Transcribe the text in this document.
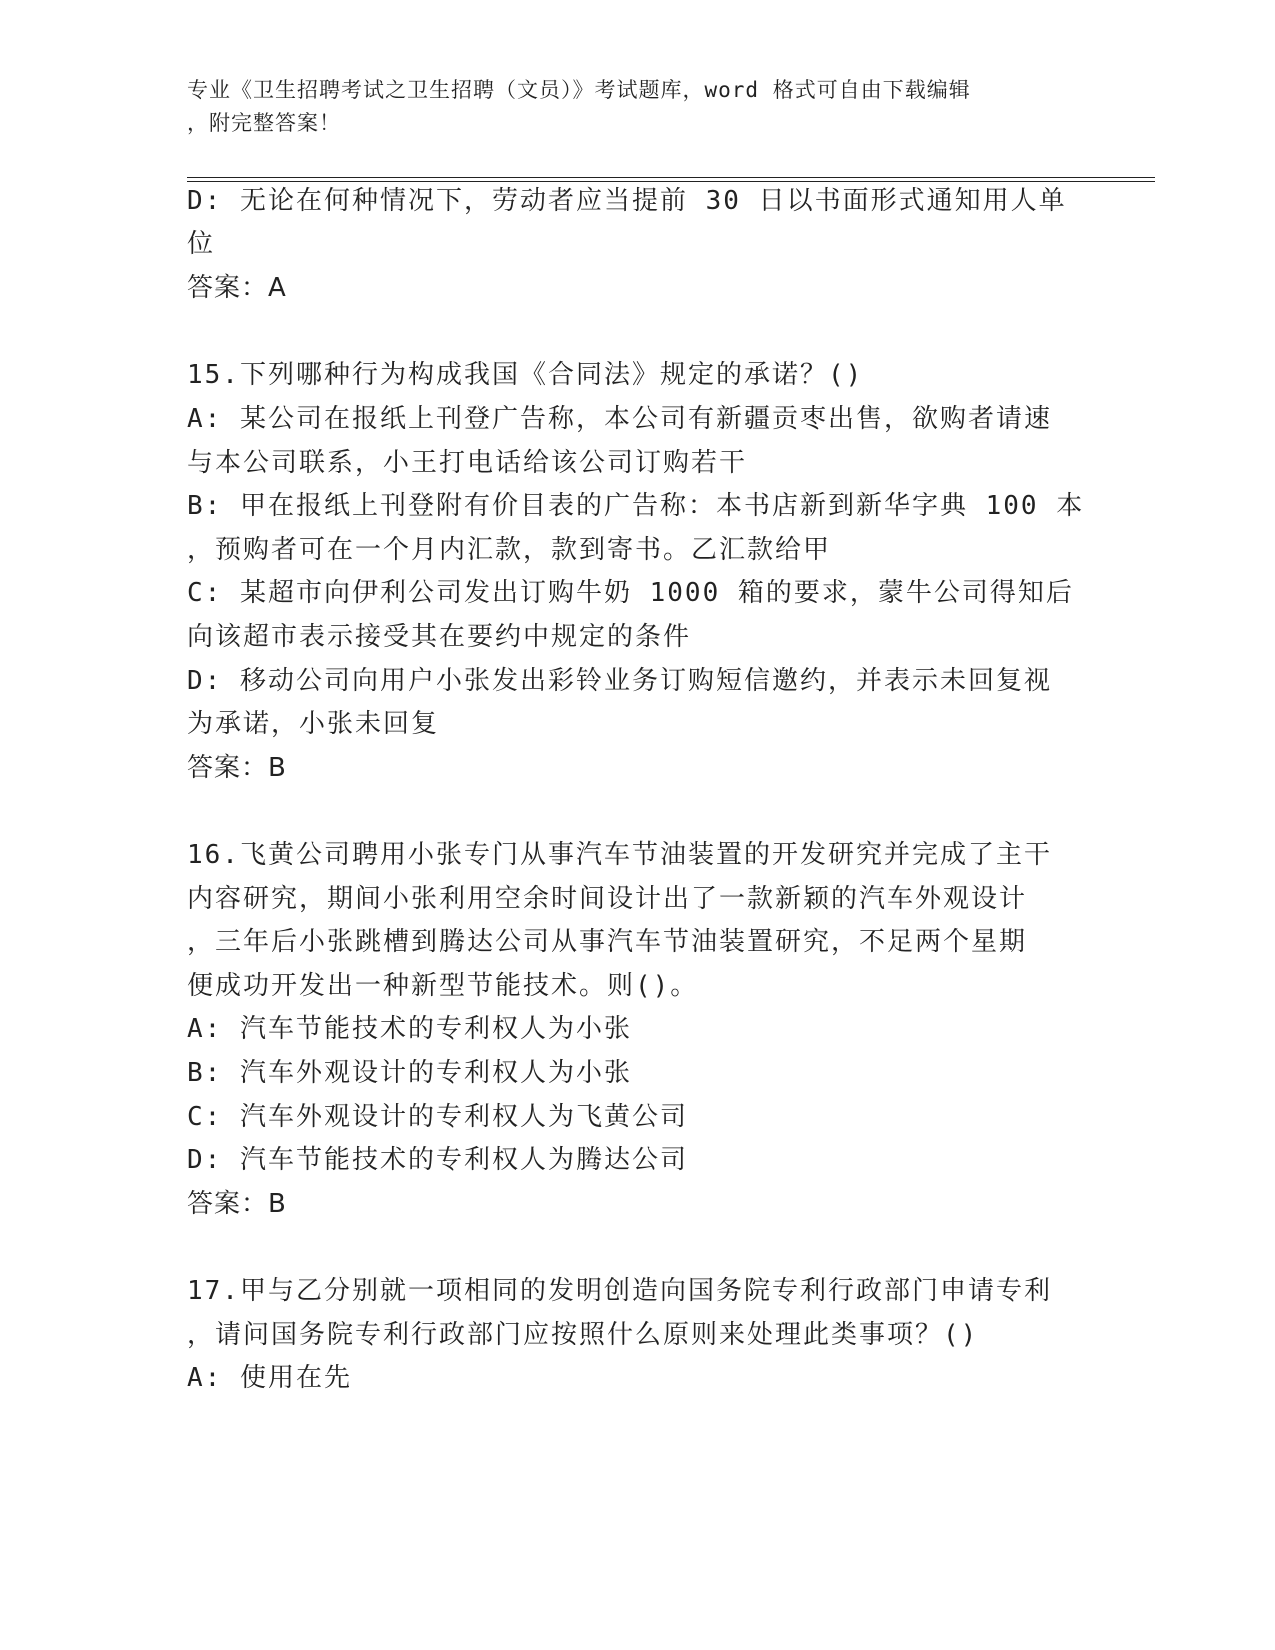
专业《卫生招聘考试之卫生招聘（文员）》考试题库，word 格式可自由下载编辑
，附完整答案！
D: 无论在何种情况下，劳动者应当提前 30 日以书面形式通知用人单
位
答案：A
15.下列哪种行为构成我国《合同法》规定的承诺？()
A: 某公司在报纸上刊登广告称，本公司有新疆贡枣出售，欲购者请速
与本公司联系，小王打电话给该公司订购若干
B: 甲在报纸上刊登附有价目表的广告称：本书店新到新华字典 100 本
，预购者可在一个月内汇款，款到寄书。乙汇款给甲
C: 某超市向伊利公司发出订购牛奶 1000 箱的要求，蒙牛公司得知后
向该超市表示接受其在要约中规定的条件
D: 移动公司向用户小张发出彩铃业务订购短信邀约，并表示未回复视
为承诺，小张未回复
答案：B
16.飞黄公司聘用小张专门从事汽车节油装置的开发研究并完成了主干
内容研究，期间小张利用空余时间设计出了一款新颖的汽车外观设计
，三年后小张跳槽到腾达公司从事汽车节油装置研究，不足两个星期
便成功开发出一种新型节能技术。则()。
A: 汽车节能技术的专利权人为小张
B: 汽车外观设计的专利权人为小张
C: 汽车外观设计的专利权人为飞黄公司
D: 汽车节能技术的专利权人为腾达公司
答案：B
17.甲与乙分别就一项相同的发明创造向国务院专利行政部门申请专利
，请问国务院专利行政部门应按照什么原则来处理此类事项？()
A: 使用在先
